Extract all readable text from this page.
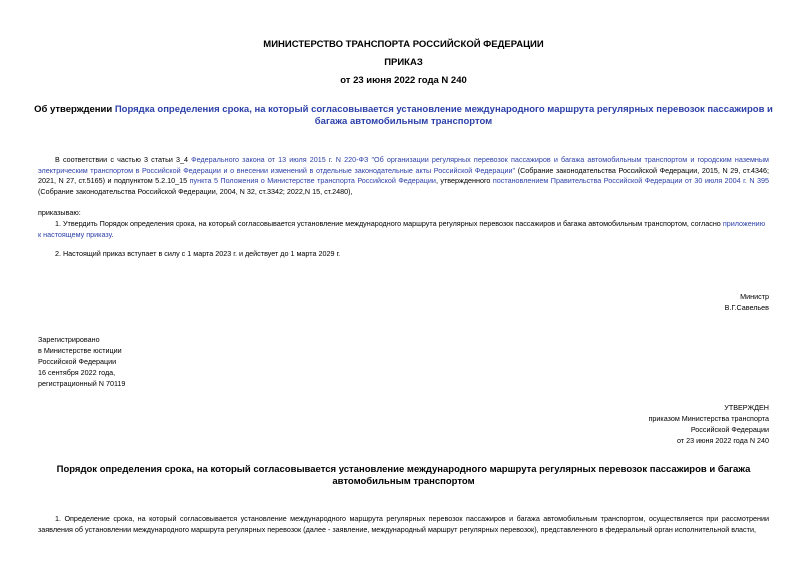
МИНИСТЕРСТВО ТРАНСПОРТА РОССИЙСКОЙ ФЕДЕРАЦИИ
ПРИКАЗ
от 23 июня 2022 года N 240
Об утверждении Порядка определения срока, на который согласовывается установление международного маршрута регулярных перевозок пассажиров и багажа автомобильным транспортом
В соответствии с частью 3 статьи 3_4 Федерального закона от 13 июля 2015 г. N 220-ФЗ "Об организации регулярных перевозок пассажиров и багажа автомобильным транспортом и городским наземным электрическим транспортом в Российской Федерации и о внесении изменений в отдельные законодательные акты Российской Федерации" (Собрание законодательства Российской Федерации, 2015, N 29, ст.4346; 2021, N 27, ст.5165) и подпунктом 5.2.10_15 пункта 5 Положения о Министерстве транспорта Российской Федерации, утвержденного постановлением Правительства Российской Федерации от 30 июля 2004 г. N 395 (Собрание законодательства Российской Федерации, 2004, N 32, ст.3342; 2022,N 15, ст.2480),
приказываю:
1. Утвердить Порядок определения срока, на который согласовывается установление международного маршрута регулярных перевозок пассажиров и багажа автомобильным транспортом, согласно приложению к настоящему приказу.
2. Настоящий приказ вступает в силу с 1 марта 2023 г. и действует до 1 марта 2029 г.
Министр
В.Г.Савельев
Зарегистрировано
в Министерстве юстиции
Российской Федерации
16 сентября 2022 года,
регистрационный N 70119
УТВЕРЖДЕН
приказом Министерства транспорта
Российской Федерации
от 23 июня 2022 года N 240
Порядок определения срока, на который согласовывается установление международного маршрута регулярных перевозок пассажиров и багажа автомобильным транспортом
1. Определение срока, на который согласовывается установление международного маршрута регулярных перевозок пассажиров и багажа автомобильным транспортом, осуществляется при рассмотрении заявления об установлении международного маршрута регулярных перевозок (далее - заявление, международный маршрут регулярных перевозок), представленного в федеральный орган исполнительной власти,
